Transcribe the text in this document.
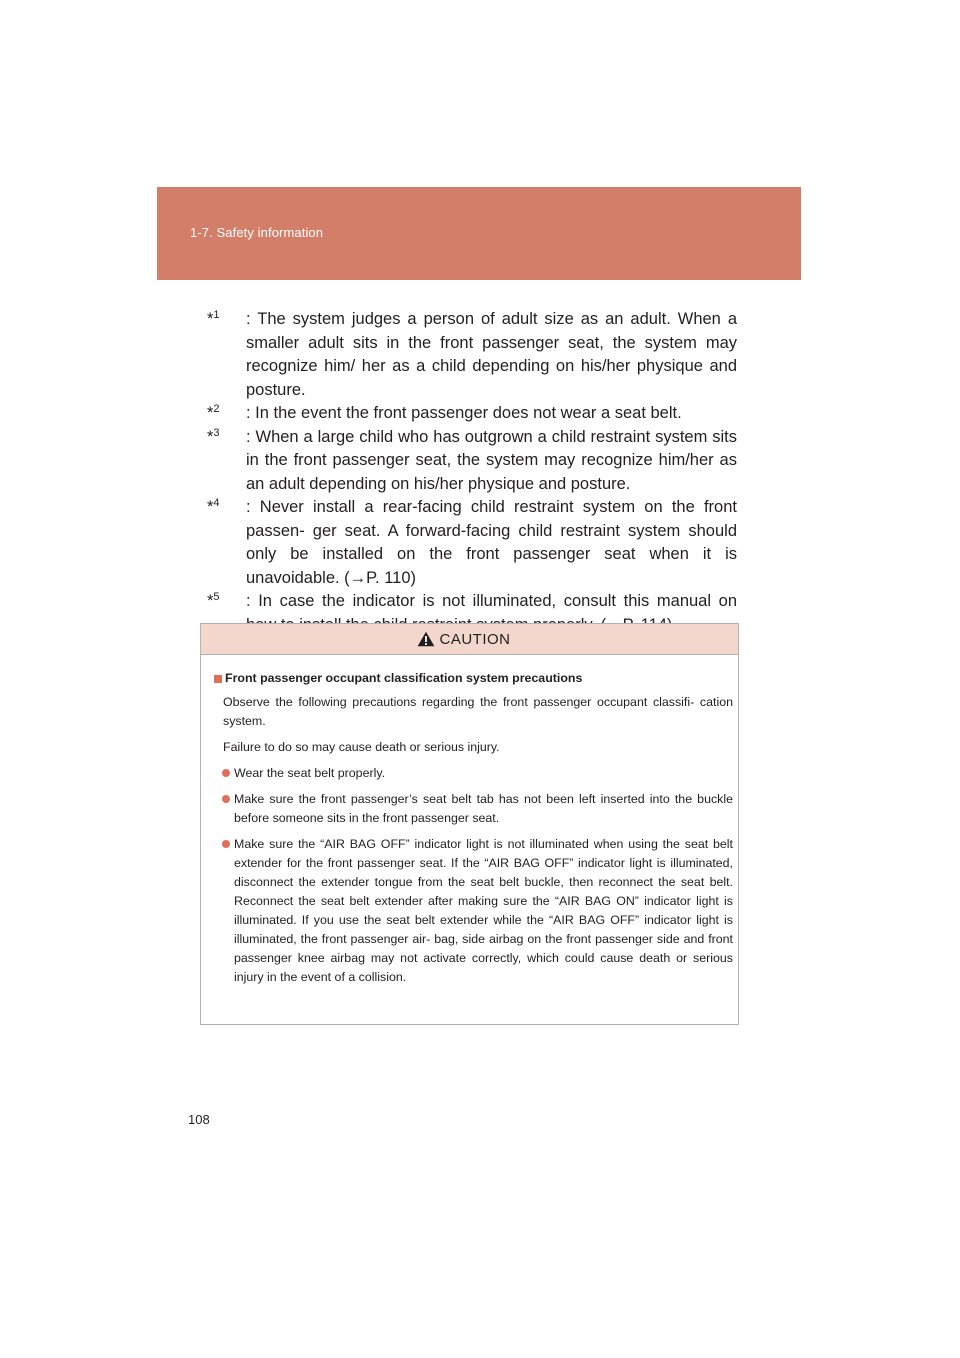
1-7. Safety information
*$^1$	: The system judges a person of adult size as an adult. When a smaller adult sits in the front passenger seat, the system may recognize him/ her as a child depending on his/her physique and posture.
*$^2$	: In the event the front passenger does not wear a seat belt.
*$^3$	: When a large child who has outgrown a child restraint system sits in the front passenger seat, the system may recognize him/her as an adult depending on his/her physique and posture.
*$^4$	: Never install a rear-facing child restraint system on the front passen- ger seat. A forward-facing child restraint system should only be installed on the front passenger seat when it is unavoidable. (→P. 110)
*$^5$	: In case the indicator is not illuminated, consult this manual on
CAUTION
Front passenger occupant classification system precautions
Observe the following precautions regarding the front passenger occupant classifi- cation system.
Failure to do so may cause death or serious injury.
Wear the seat belt properly.
Make sure the front passenger’s seat belt tab has not been left inserted into the buckle before someone sits in the front passenger seat.
Make sure the “AIR BAG OFF” indicator light is not illuminated when using the seat belt extender for the front passenger seat. If the “AIR BAG OFF” indicator light is illuminated, disconnect the extender tongue from the seat belt buckle, then reconnect the seat belt. Reconnect the seat belt extender after making sure the “AIR BAG ON” indicator light is illuminated. If you use the seat belt extender while the “AIR BAG OFF” indicator light is illuminated, the front passenger air- bag, side airbag on the front passenger side and front passenger knee airbag may not activate correctly, which could cause death or serious injury in the event of a collision.
108
